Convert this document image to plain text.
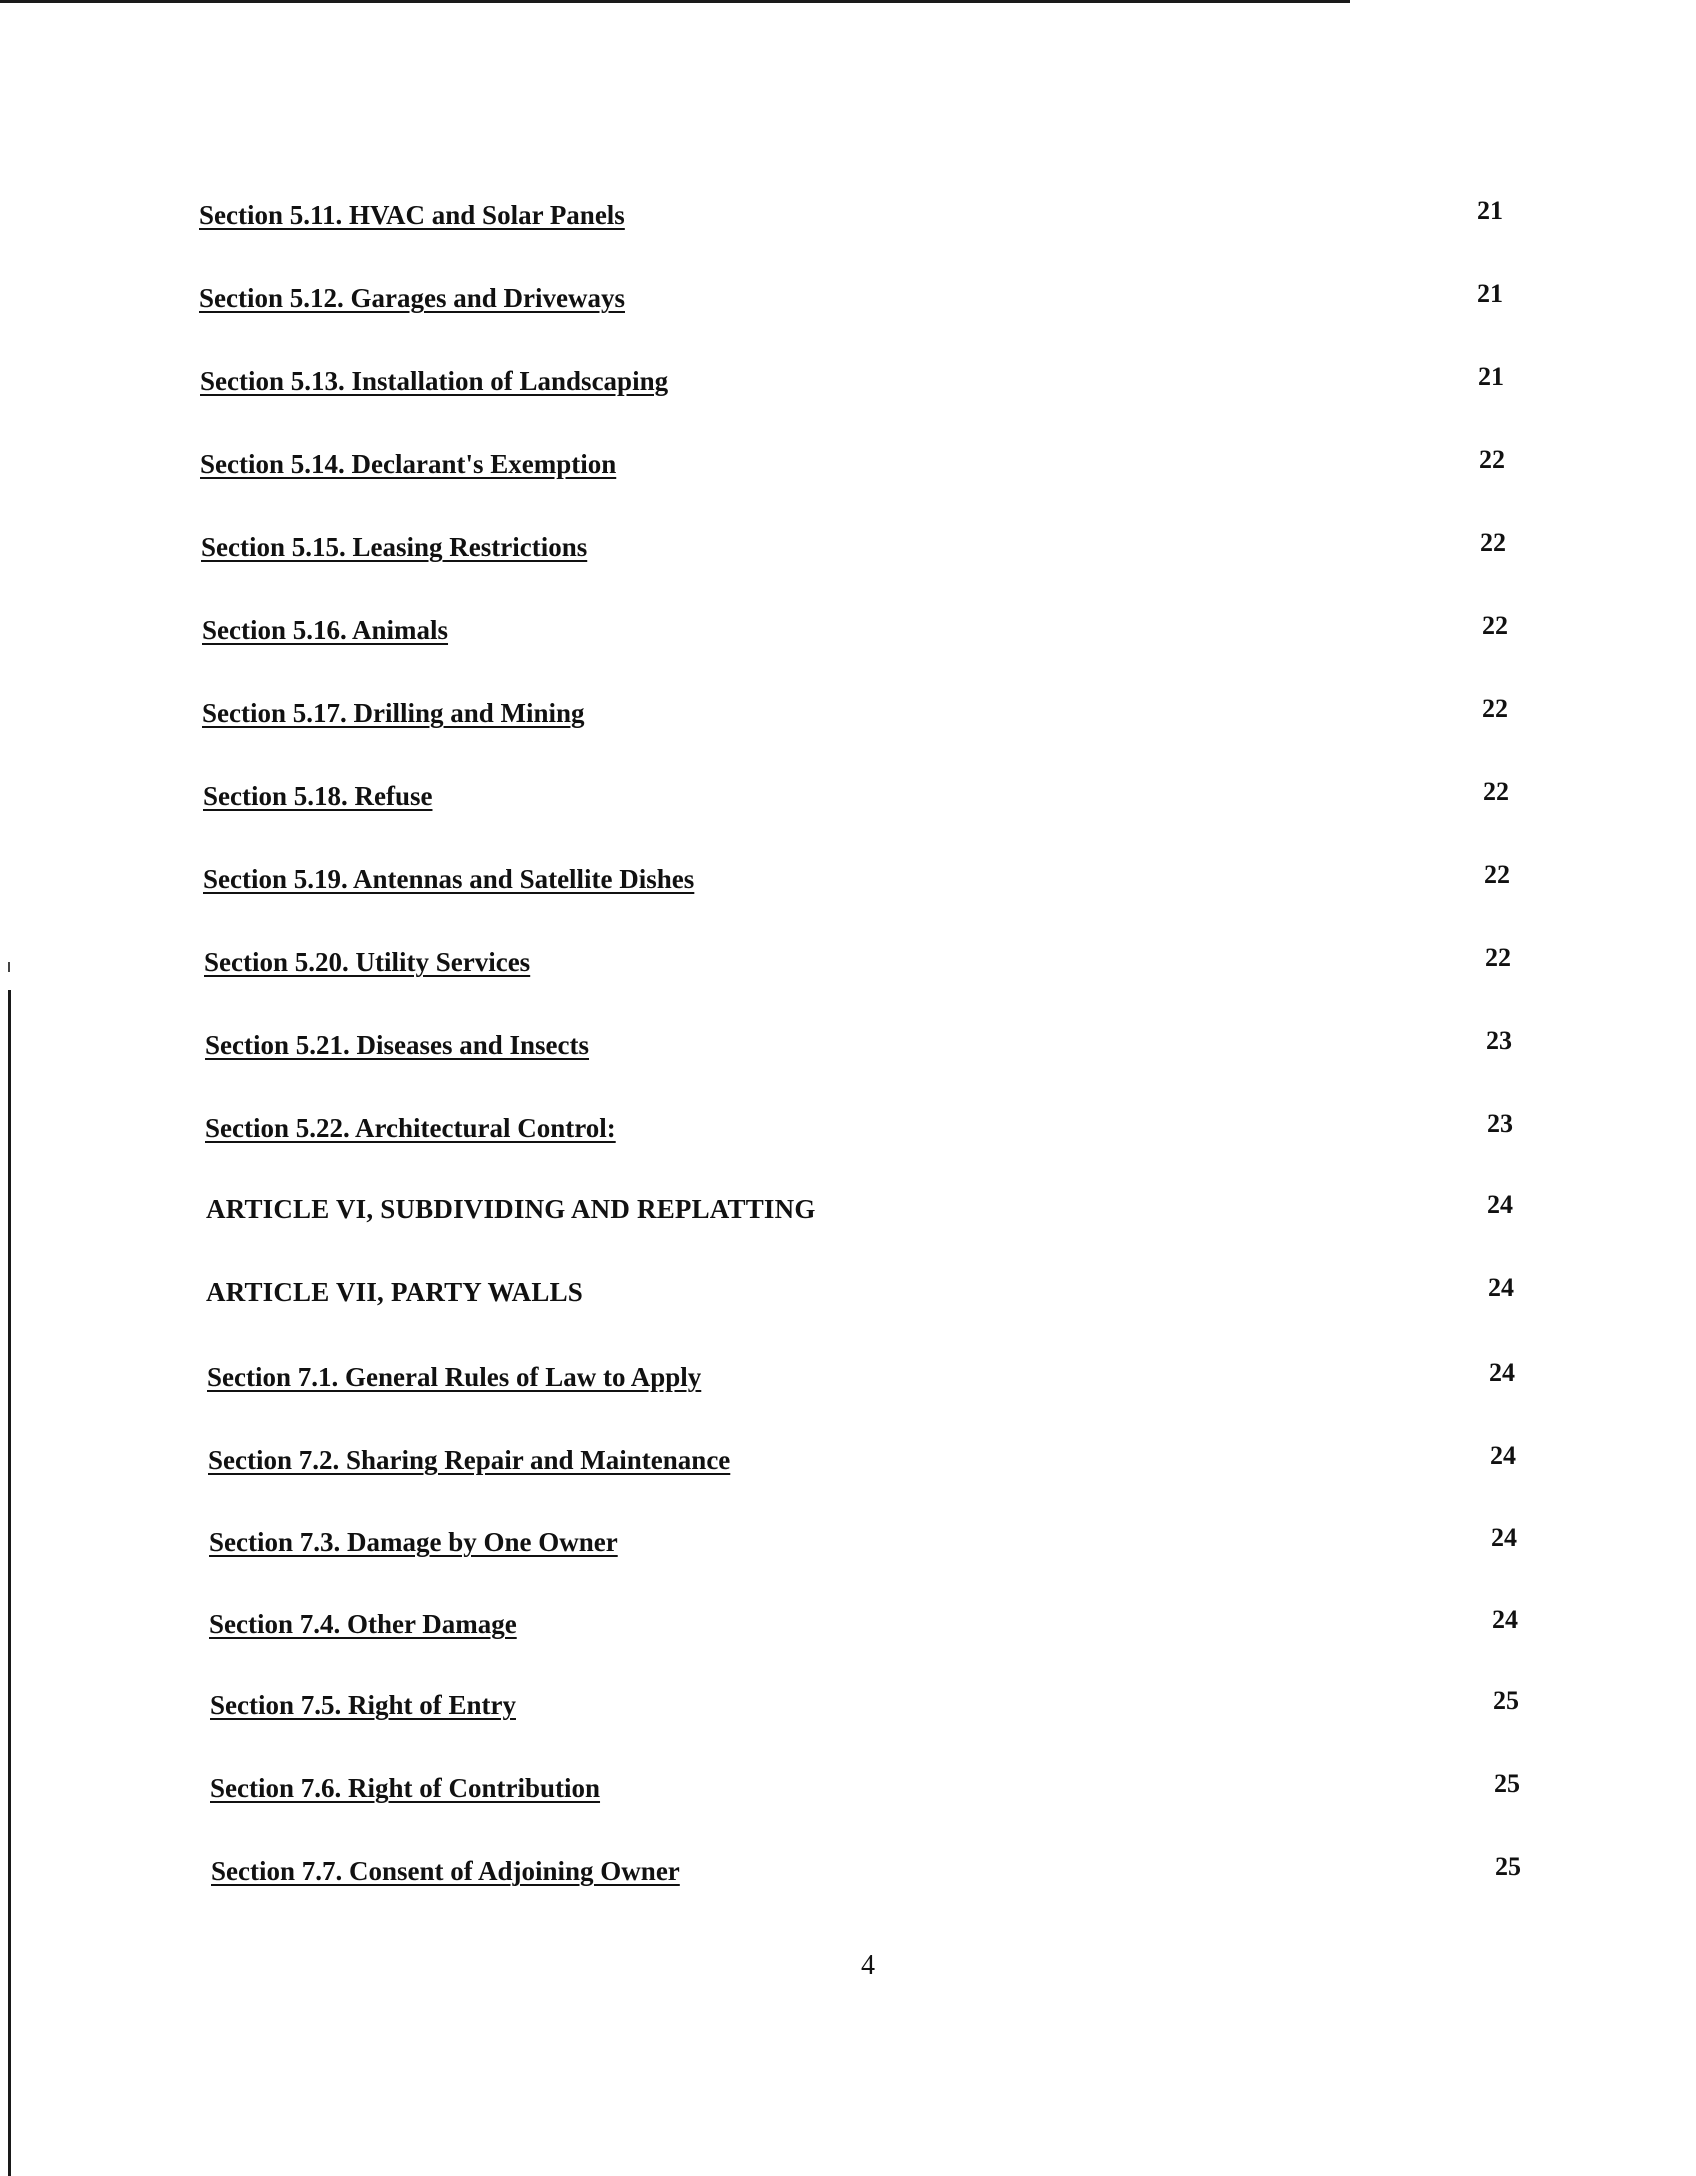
Section 5.11. HVAC and Solar Panels	21
Section 5.12. Garages and Driveways	21
Section 5.13. Installation of Landscaping	21
Section 5.14. Declarant's Exemption	22
Section 5.15. Leasing Restrictions	22
Section 5.16. Animals	22
Section 5.17. Drilling and Mining	22
Section 5.18. Refuse	22
Section 5.19. Antennas and Satellite Dishes	22
Section 5.20. Utility Services	22
Section 5.21. Diseases and Insects	23
Section 5.22. Architectural Control:	23
ARTICLE VI, SUBDIVIDING AND REPLATTING	24
ARTICLE VII, PARTY WALLS	24
Section 7.1. General Rules of Law to Apply	24
Section 7.2. Sharing Repair and Maintenance	24
Section 7.3. Damage by One Owner	24
Section 7.4. Other Damage	24
Section 7.5. Right of Entry	25
Section 7.6. Right of Contribution	25
Section 7.7. Consent of Adjoining Owner	25
4
